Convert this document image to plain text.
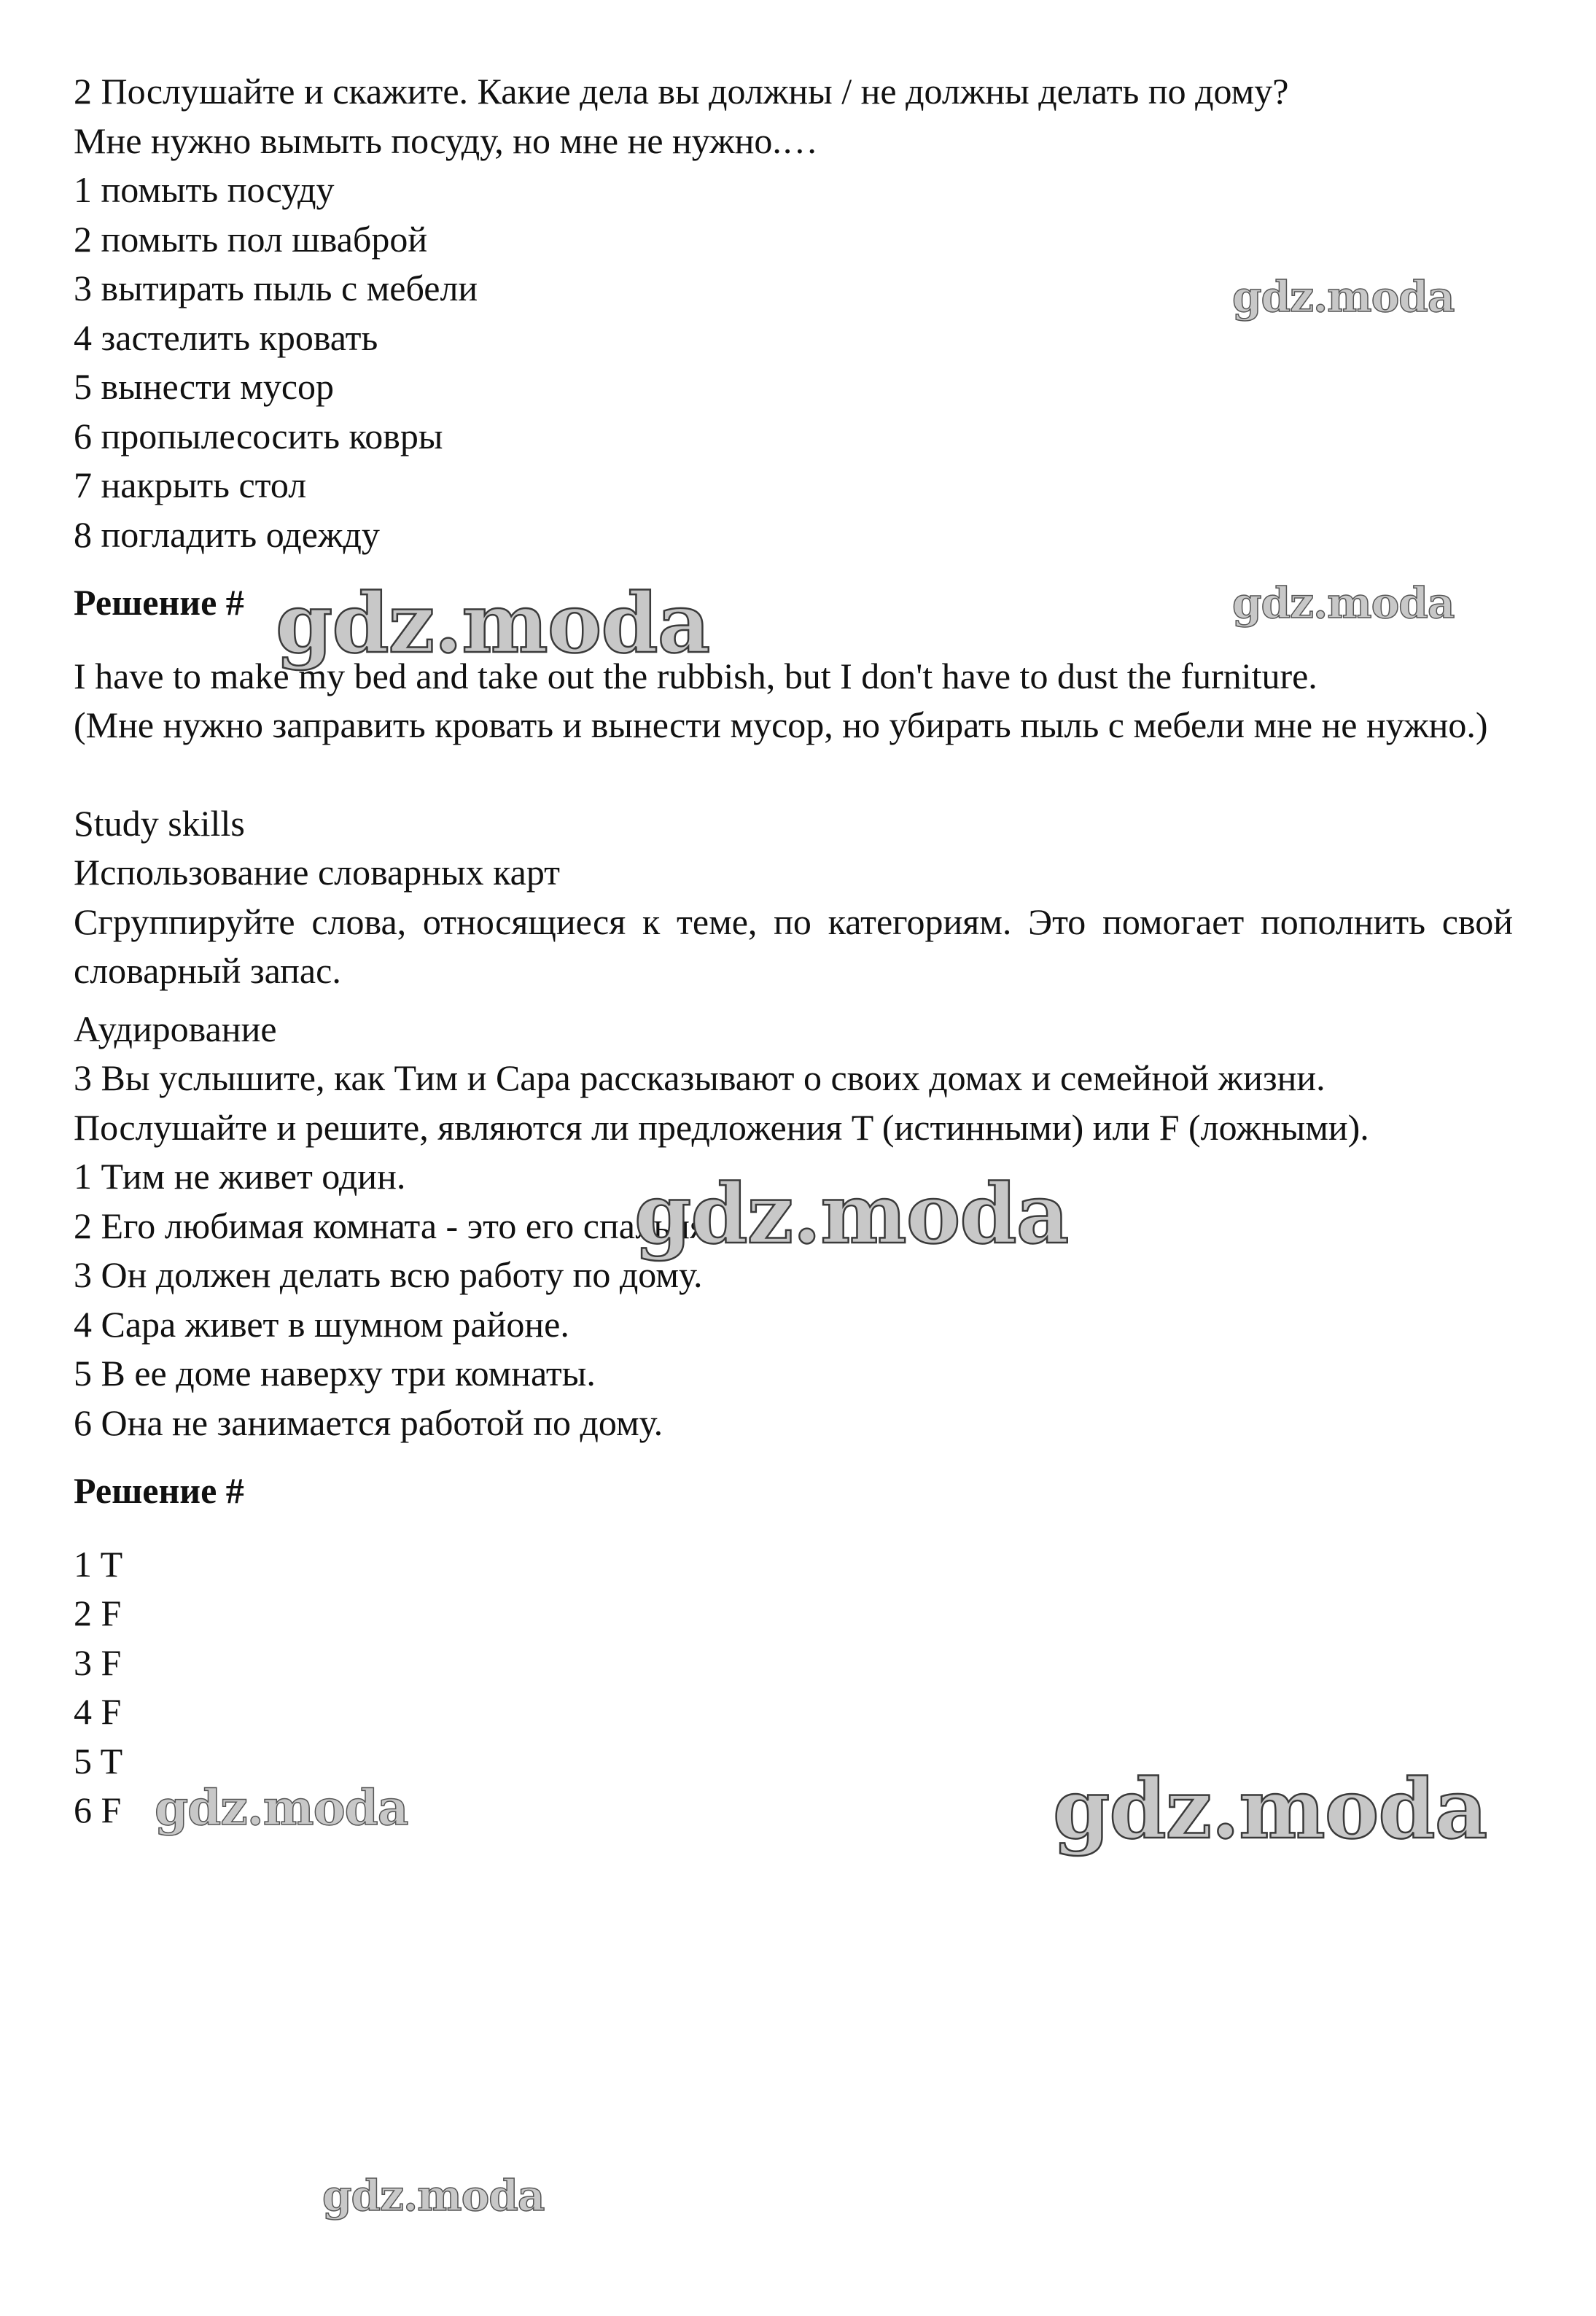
2 Послушайте и скажите. Какие дела вы должны / не должны делать по дому?

Мне нужно вымыть посуду, но мне не нужно.…

1 помыть посуду

2 помыть пол шваброй

3 вытирать пыль с мебели

4 застелить кровать

5 вынести мусор

6 пропылесосить ковры

7 накрыть стол

8 погладить одежду

Решение #

I have to make my bed and take out the rubbish, but I don't have to dust the furniture.

(Мне нужно заправить кровать и вынести мусор, но убирать пыль с мебели мне не нужно.)

Study skills

Использование словарных карт

Сгруппируйте слова, относящиеся к теме, по категориям. Это помогает пополнить свой словарный запас.

Аудирование

3 Вы услышите, как Тим и Сара рассказывают о своих домах и семейной жизни.

Послушайте и решите, являются ли предложения T (истинными) или F (ложными).

1 Тим не живет один.

2 Его любимая комната - это его спальня.

3 Он должен делать всю работу по дому.

4 Сара живет в шумном районе.

5 В ее доме наверху три комнаты.

6 Она не занимается работой по дому.

Решение #

1 T

2 F

3 F

4 F

5 T

6 F

gdz.moda
gdz.moda
gdz.moda
gdz.moda
gdz.moda	gdz.moda
gdz.moda
